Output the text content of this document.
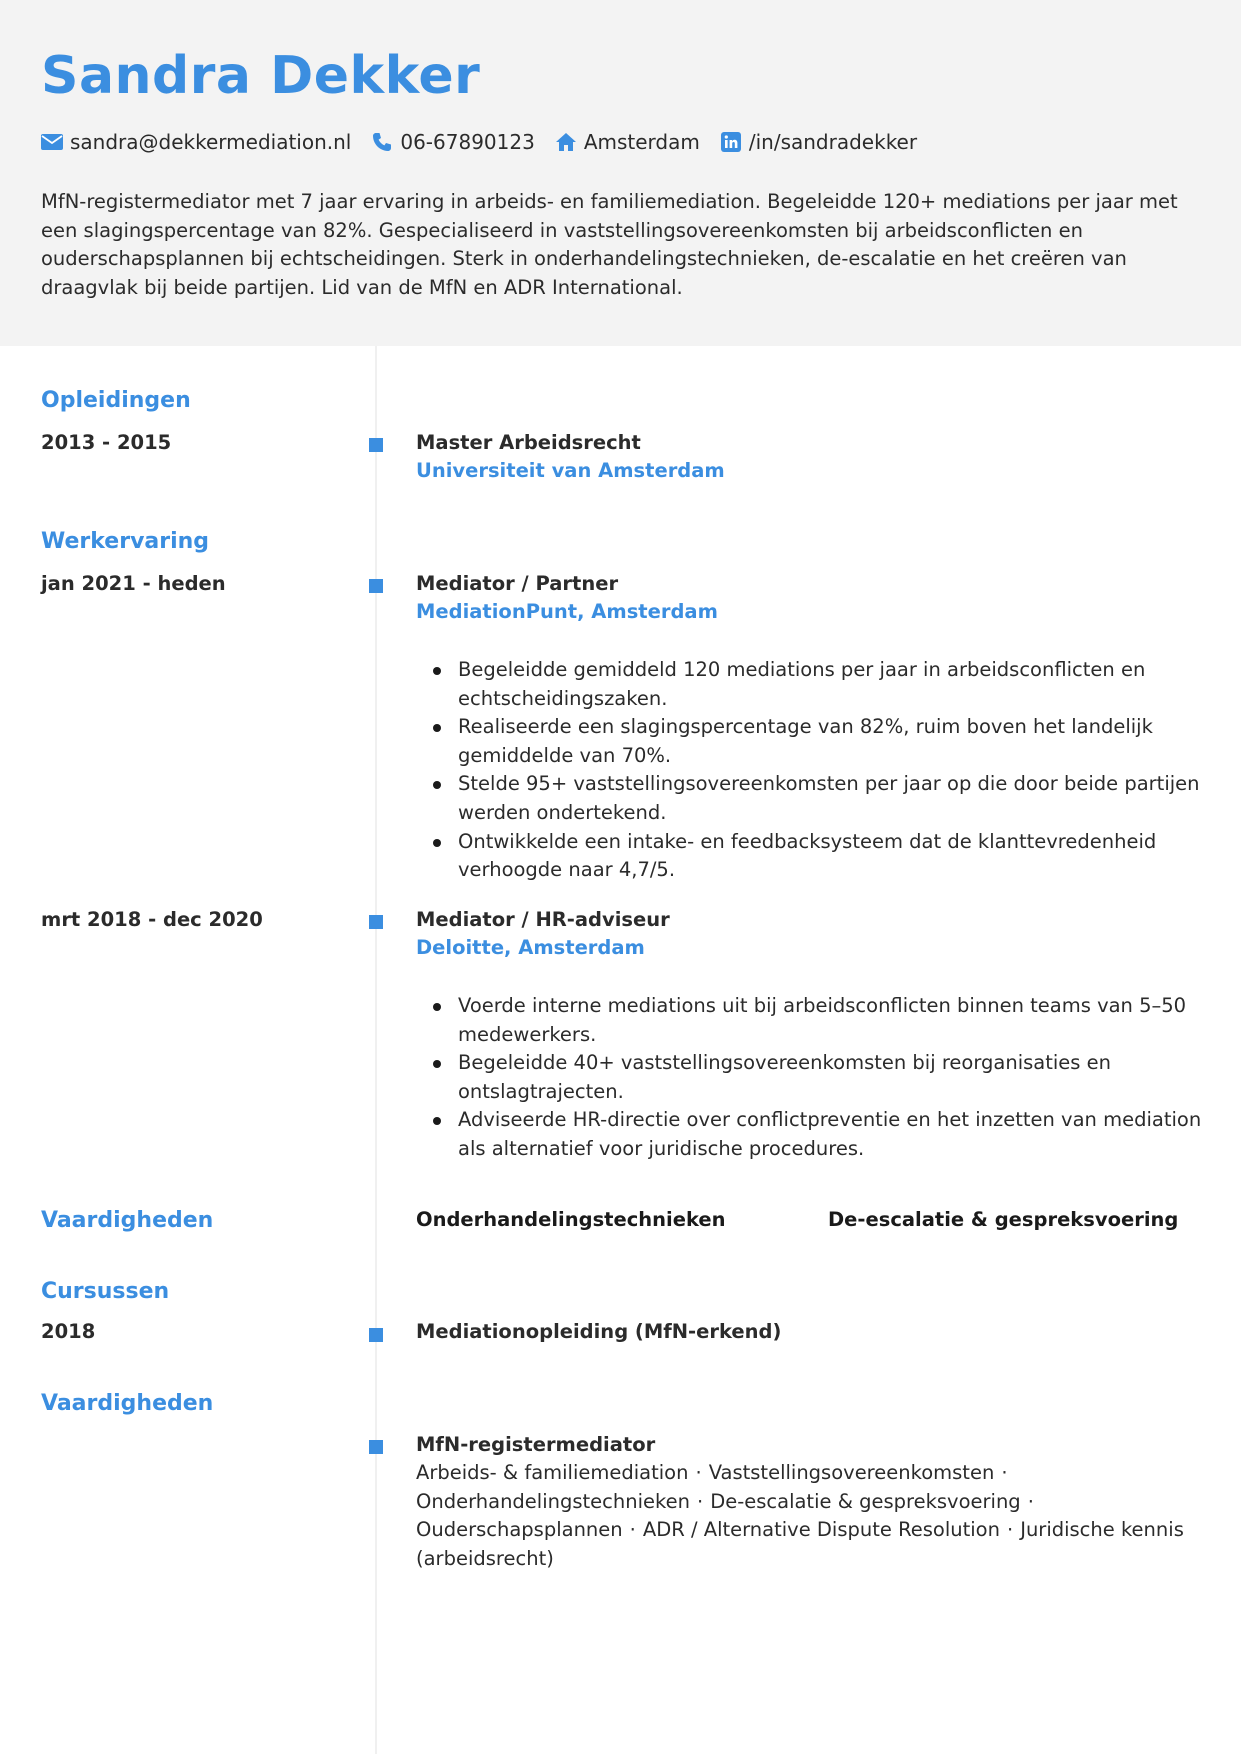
Sandra Dekker
sandra@dekkermediation.nl 06-67890123 Amsterdam /in/sandradekker
MfN-registermediator met 7 jaar ervaring in arbeids- en familiemediation. Begeleidde 120+ mediations per jaar met een slagingspercentage van 82%. Gespecialiseerd in vaststellingsovereenkomsten bij arbeidsconflicten en ouderschapsplannen bij echtscheidingen. Sterk in onderhandelingstechnieken, de-escalatie en het creëren van draagvlak bij beide partijen. Lid van de MfN en ADR International.
Opleidingen
2013 - 2015	Master Arbeidsrecht
Universiteit van Amsterdam
Werkervaring
jan 2021 - heden	Mediator / Partner
MediationPunt, Amsterdam
Begeleidde gemiddeld 120 mediations per jaar in arbeidsconflicten en echtscheidingszaken.
Realiseerde een slagingspercentage van 82%, ruim boven het landelijk gemiddelde van 70%.
Stelde 95+ vaststellingsovereenkomsten per jaar op die door beide partijen werden ondertekend.
Ontwikkelde een intake- en feedbacksysteem dat de klanttevredenheid verhoogde naar 4,7/5.
mrt 2018 - dec 2020	Mediator / HR-adviseur
Deloitte, Amsterdam
Voerde interne mediations uit bij arbeidsconflicten binnen teams van 5–50 medewerkers.
Begeleidde 40+ vaststellingsovereenkomsten bij reorganisaties en ontslagtrajecten.
Adviseerde HR-directie over conflictpreventie en het inzetten van mediation als alternatief voor juridische procedures.
Vaardigheden	Onderhandelingstechnieken	De-escalatie & gespreksvoering
Cursussen
2018	Mediationopleiding (MfN-erkend)
Vaardigheden
MfN-registermediator
Arbeids- & familiemediation · Vaststellingsovereenkomsten · Onderhandelingstechnieken · De-escalatie & gespreksvoering · Ouderschapsplannen · ADR / Alternative Dispute Resolution · Juridische kennis (arbeidsrecht)
